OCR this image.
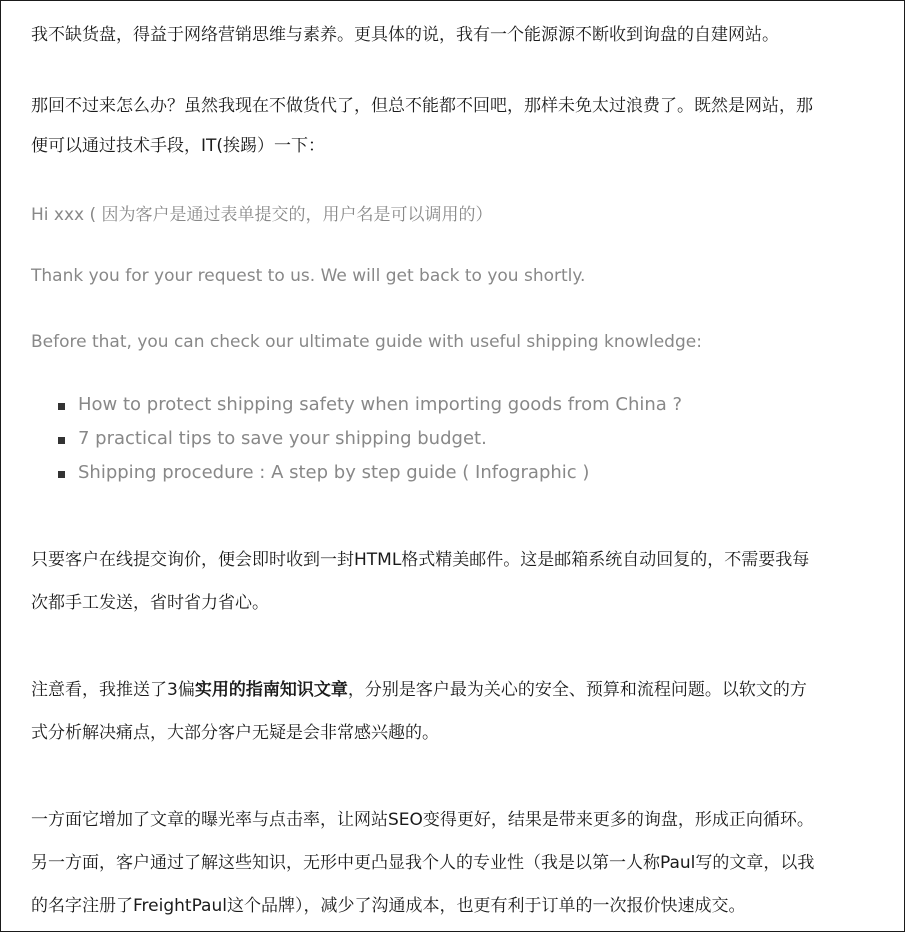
我不缺货盘，得益于网络营销思维与素养。更具体的说，我有一个能源源不断收到询盘的自建网站。

那回不过来怎么办？虽然我现在不做货代了，但总不能都不回吧，那样未免太过浪费了。既然是网站，那

便可以通过技术手段，IT(挨踢）一下：

Hi xxx ( 因为客户是通过表单提交的，用户名是可以调用的）

Thank you for your request to us. We will get back to you shortly.

Before that, you can check our ultimate guide with useful shipping knowledge:

How to protect shipping safety when importing goods from China ?

7 practical tips to save your shipping budget.

Shipping procedure : A step by step guide ( Infographic )

只要客户在线提交询价，便会即时收到一封HTML格式精美邮件。这是邮箱系统自动回复的，不需要我每

次都手工发送，省时省力省心。

注意看，我推送了3偏实用的指南知识文章，分别是客户最为关心的安全、预算和流程问题。以软文的方

式分析解决痛点，大部分客户无疑是会非常感兴趣的。

一方面它增加了文章的曝光率与点击率，让网站SEO变得更好，结果是带来更多的询盘，形成正向循环。

另一方面，客户通过了解这些知识，无形中更凸显我个人的专业性（我是以第一人称Paul写的文章，以我

的名字注册了FreightPaul这个品牌），减少了沟通成本，也更有利于订单的一次报价快速成交。
